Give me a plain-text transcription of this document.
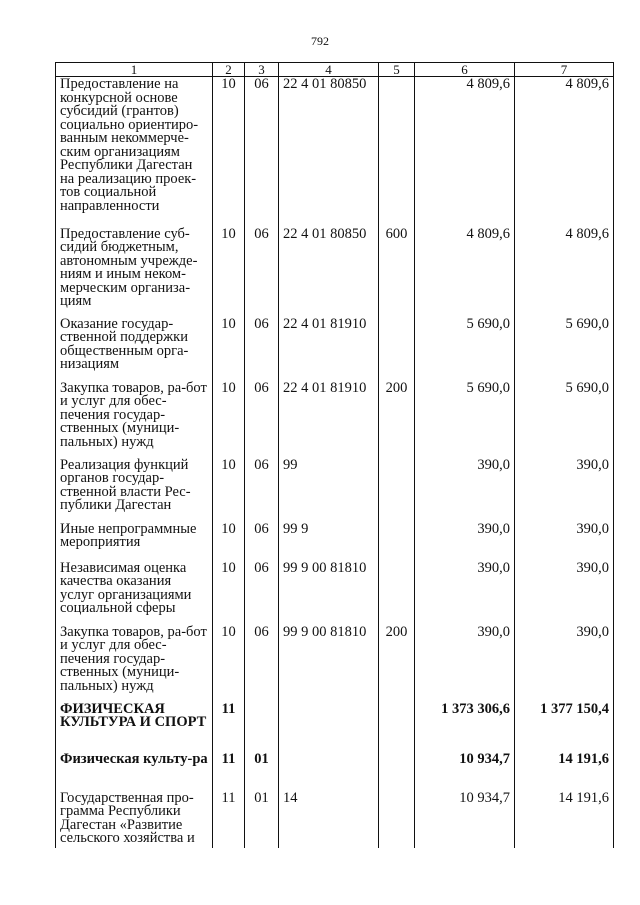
792
1	2	3	4	5	6	7
Предоставление на конкурсной основе субсидий (грантов) социально ориентиро-ванным некоммерче-ским организациям Республики Дагестан на реализацию проек-тов социальной направленности	10	06	22 4 01 80850		4 809,6	4 809,6
Предоставление суб-сидий бюджетным, автономным учрежде-ниям и иным неком-мерческим организа-циям	10	06	22 4 01 80850	600	4 809,6	4 809,6
Оказание государ-ственной поддержки общественным орга-низациям	10	06	22 4 01 81910		5 690,0	5 690,0
Закупка товаров, ра-бот и услуг для обес-печения государ-ственных (муници-пальных) нужд	10	06	22 4 01 81910	200	5 690,0	5 690,0
Реализация функций органов государ-ственной власти Рес-публики Дагестан	10	06	99		390,0	390,0
Иные непрограммные мероприятия	10	06	99 9		390,0	390,0
Независимая оценка качества оказания услуг организациями социальной сферы	10	06	99 9 00 81810		390,0	390,0
Закупка товаров, ра-бот и услуг для обес-печения государ-ственных (муници-пальных) нужд	10	06	99 9 00 81810	200	390,0	390,0
ФИЗИЧЕСКАЯ КУЛЬТУРА И СПОРТ	11				1 373 306,6	1 377 150,4
Физическая культу-ра	11	01			10 934,7	14 191,6
Государственная про-грамма Республики Дагестан «Развитие сельского хозяйства и	11	01	14		10 934,7	14 191,6
